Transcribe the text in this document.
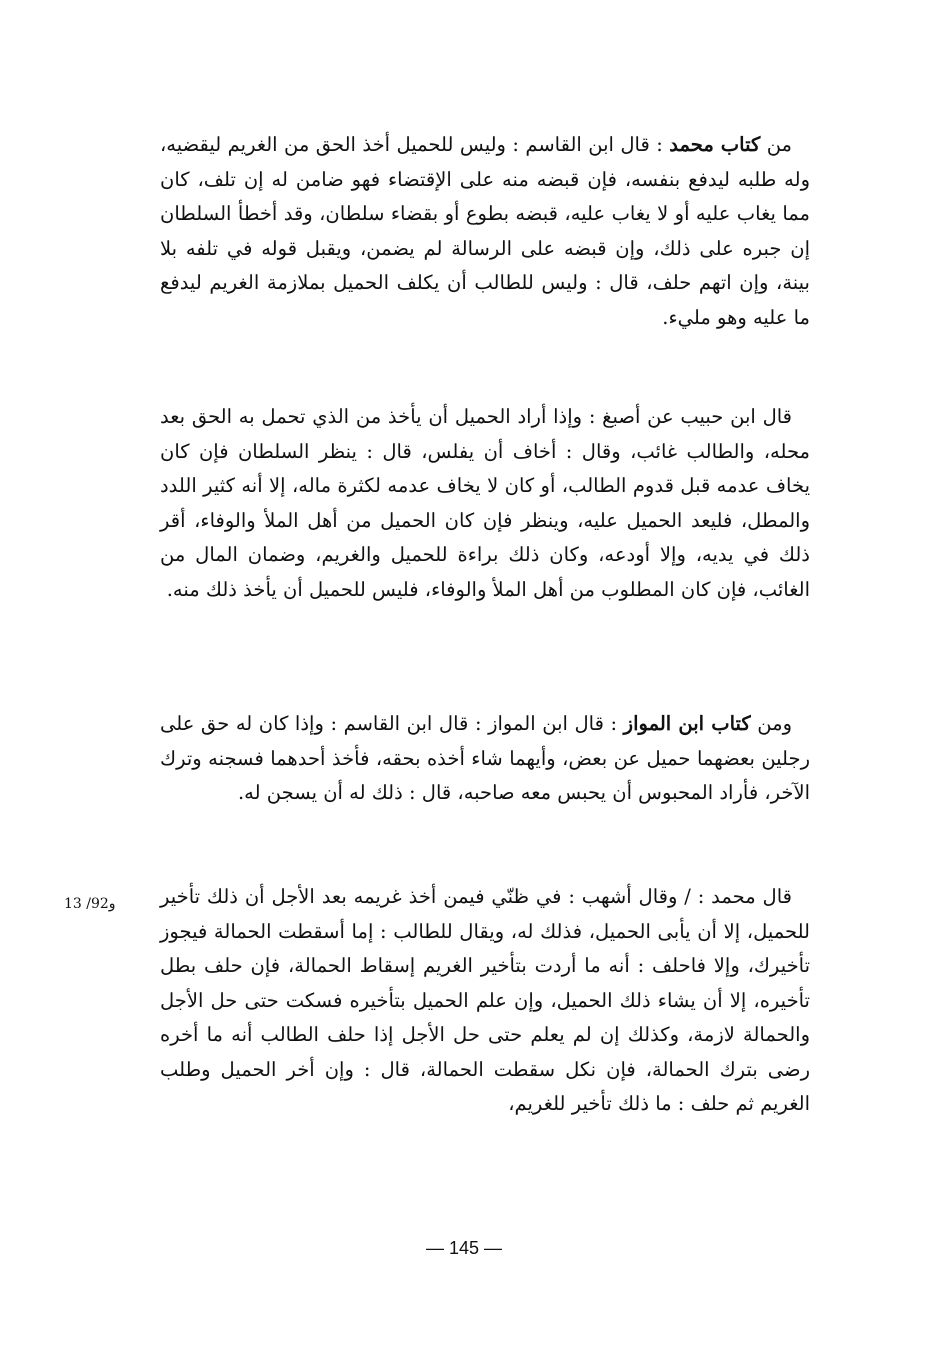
من كتاب محمد : قال ابن القاسم : وليس للحميل أخذ الحق من الغريم ليقضيه، وله طلبه ليدفع بنفسه، فإن قبضه منه على الإقتضاء فهو ضامن له إن تلف، كان مما يغاب عليه أو لا يغاب عليه، قبضه بطوع أو بقضاء سلطان، وقد أخطأ السلطان إن جبره على ذلك، وإن قبضه على الرسالة لم يضمن، ويقبل قوله في تلفه بلا بينة، وإن اتهم حلف، قال : وليس للطالب أن يكلف الحميل بملازمة الغريم ليدفع ما عليه وهو مليء.

قال ابن حبيب عن أصبغ : وإذا أراد الحميل أن يأخذ من الذي تحمل به الحق بعد محله، والطالب غائب، وقال : أخاف أن يفلس، قال : ينظر السلطان فإن كان يخاف عدمه قبل قدوم الطالب، أو كان لا يخاف عدمه لكثرة ماله، إلا أنه كثير اللدد والمطل، فليعد الحميل عليه، وينظر فإن كان الحميل من أهل الملأ والوفاء، أقر ذلك في يديه، وإلا أودعه، وكان ذلك براءة للحميل والغريم، وضمان المال من الغائب، فإن كان المطلوب من أهل الملأ والوفاء، فليس للحميل أن يأخذ ذلك منه.

ومن كتاب ابن المواز : قال ابن المواز : قال ابن القاسم : وإذا كان له حق على رجلين بعضهما حميل عن بعض، وأيهما شاء أخذه بحقه، فأخذ أحدهما فسجنه وترك الآخر، فأراد المحبوس أن يحبس معه صاحبه، قال : ذلك له أن يسجن له.

قال محمد : / وقال أشهب : في ظنّي فيمن أخذ غريمه بعد الأجل أن ذلك تأخير للحميل، إلا أن يأبى الحميل، فذلك له، ويقال للطالب : إما أسقطت الحمالة فيجوز تأخيرك، وإلا فاحلف : أنه ما أردت بتأخير الغريم إسقاط الحمالة، فإن حلف بطل تأخيره، إلا أن يشاء ذلك الحميل، وإن علم الحميل بتأخيره فسكت حتى حل الأجل والحمالة لازمة، وكذلك إن لم يعلم حتى حل الأجل إذا حلف الطالب أنه ما أخره رضى بترك الحمالة، فإن نكل سقطت الحمالة، قال : وإن أخر الحميل وطلب الغريم ثم حلف : ما ذلك تأخير للغريم،

13 /92و
— 145 —
